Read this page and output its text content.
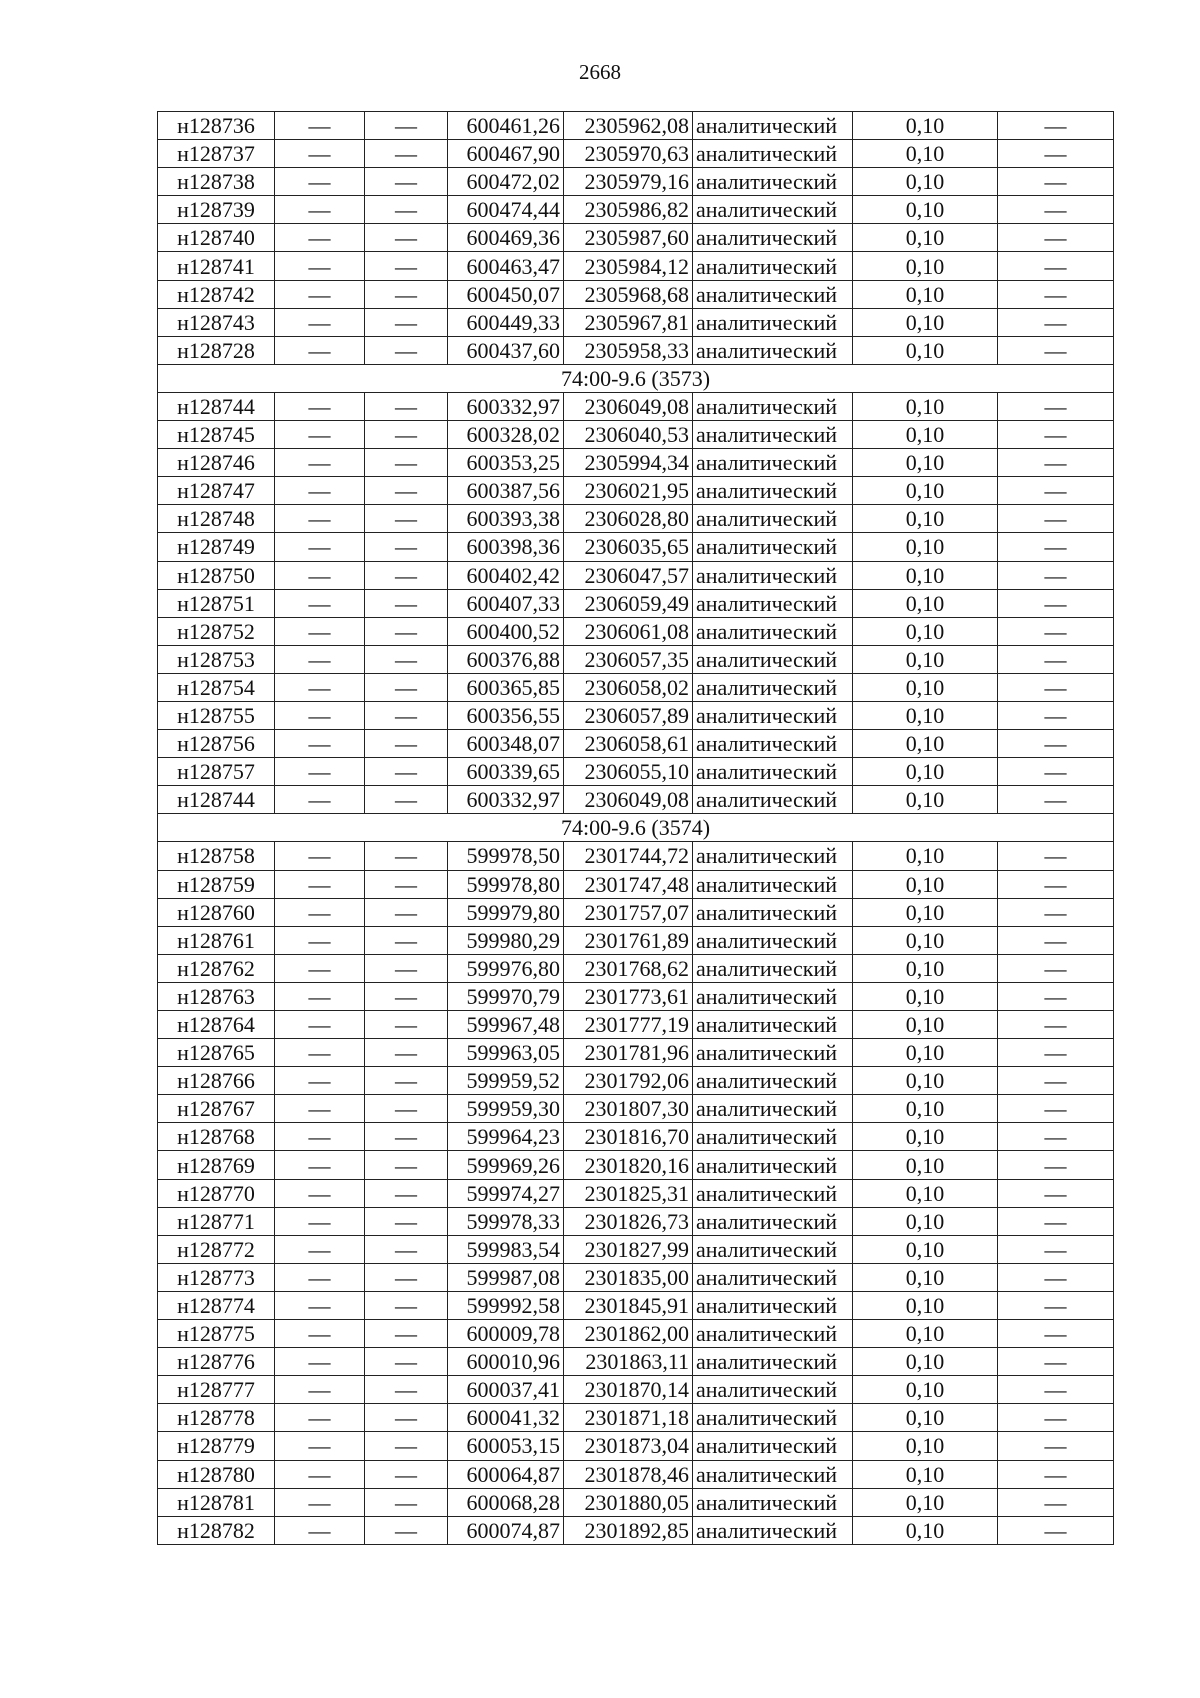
2668
н128736	—	—	600461,26	2305962,08	аналитический	0,10	—
н128737	—	—	600467,90	2305970,63	аналитический	0,10	—
н128738	—	—	600472,02	2305979,16	аналитический	0,10	—
н128739	—	—	600474,44	2305986,82	аналитический	0,10	—
н128740	—	—	600469,36	2305987,60	аналитический	0,10	—
н128741	—	—	600463,47	2305984,12	аналитический	0,10	—
н128742	—	—	600450,07	2305968,68	аналитический	0,10	—
н128743	—	—	600449,33	2305967,81	аналитический	0,10	—
н128728	—	—	600437,60	2305958,33	аналитический	0,10	—
74:00-9.6 (3573)							
н128744	—	—	600332,97	2306049,08	аналитический	0,10	—
н128745	—	—	600328,02	2306040,53	аналитический	0,10	—
н128746	—	—	600353,25	2305994,34	аналитический	0,10	—
н128747	—	—	600387,56	2306021,95	аналитический	0,10	—
н128748	—	—	600393,38	2306028,80	аналитический	0,10	—
н128749	—	—	600398,36	2306035,65	аналитический	0,10	—
н128750	—	—	600402,42	2306047,57	аналитический	0,10	—
н128751	—	—	600407,33	2306059,49	аналитический	0,10	—
н128752	—	—	600400,52	2306061,08	аналитический	0,10	—
н128753	—	—	600376,88	2306057,35	аналитический	0,10	—
н128754	—	—	600365,85	2306058,02	аналитический	0,10	—
н128755	—	—	600356,55	2306057,89	аналитический	0,10	—
н128756	—	—	600348,07	2306058,61	аналитический	0,10	—
н128757	—	—	600339,65	2306055,10	аналитический	0,10	—
н128744	—	—	600332,97	2306049,08	аналитический	0,10	—
74:00-9.6 (3574)							
н128758	—	—	599978,50	2301744,72	аналитический	0,10	—
н128759	—	—	599978,80	2301747,48	аналитический	0,10	—
н128760	—	—	599979,80	2301757,07	аналитический	0,10	—
н128761	—	—	599980,29	2301761,89	аналитический	0,10	—
н128762	—	—	599976,80	2301768,62	аналитический	0,10	—
н128763	—	—	599970,79	2301773,61	аналитический	0,10	—
н128764	—	—	599967,48	2301777,19	аналитический	0,10	—
н128765	—	—	599963,05	2301781,96	аналитический	0,10	—
н128766	—	—	599959,52	2301792,06	аналитический	0,10	—
н128767	—	—	599959,30	2301807,30	аналитический	0,10	—
н128768	—	—	599964,23	2301816,70	аналитический	0,10	—
н128769	—	—	599969,26	2301820,16	аналитический	0,10	—
н128770	—	—	599974,27	2301825,31	аналитический	0,10	—
н128771	—	—	599978,33	2301826,73	аналитический	0,10	—
н128772	—	—	599983,54	2301827,99	аналитический	0,10	—
н128773	—	—	599987,08	2301835,00	аналитический	0,10	—
н128774	—	—	599992,58	2301845,91	аналитический	0,10	—
н128775	—	—	600009,78	2301862,00	аналитический	0,10	—
н128776	—	—	600010,96	2301863,11	аналитический	0,10	—
н128777	—	—	600037,41	2301870,14	аналитический	0,10	—
н128778	—	—	600041,32	2301871,18	аналитический	0,10	—
н128779	—	—	600053,15	2301873,04	аналитический	0,10	—
н128780	—	—	600064,87	2301878,46	аналитический	0,10	—
н128781	—	—	600068,28	2301880,05	аналитический	0,10	—
н128782	—	—	600074,87	2301892,85	аналитический	0,10	—
